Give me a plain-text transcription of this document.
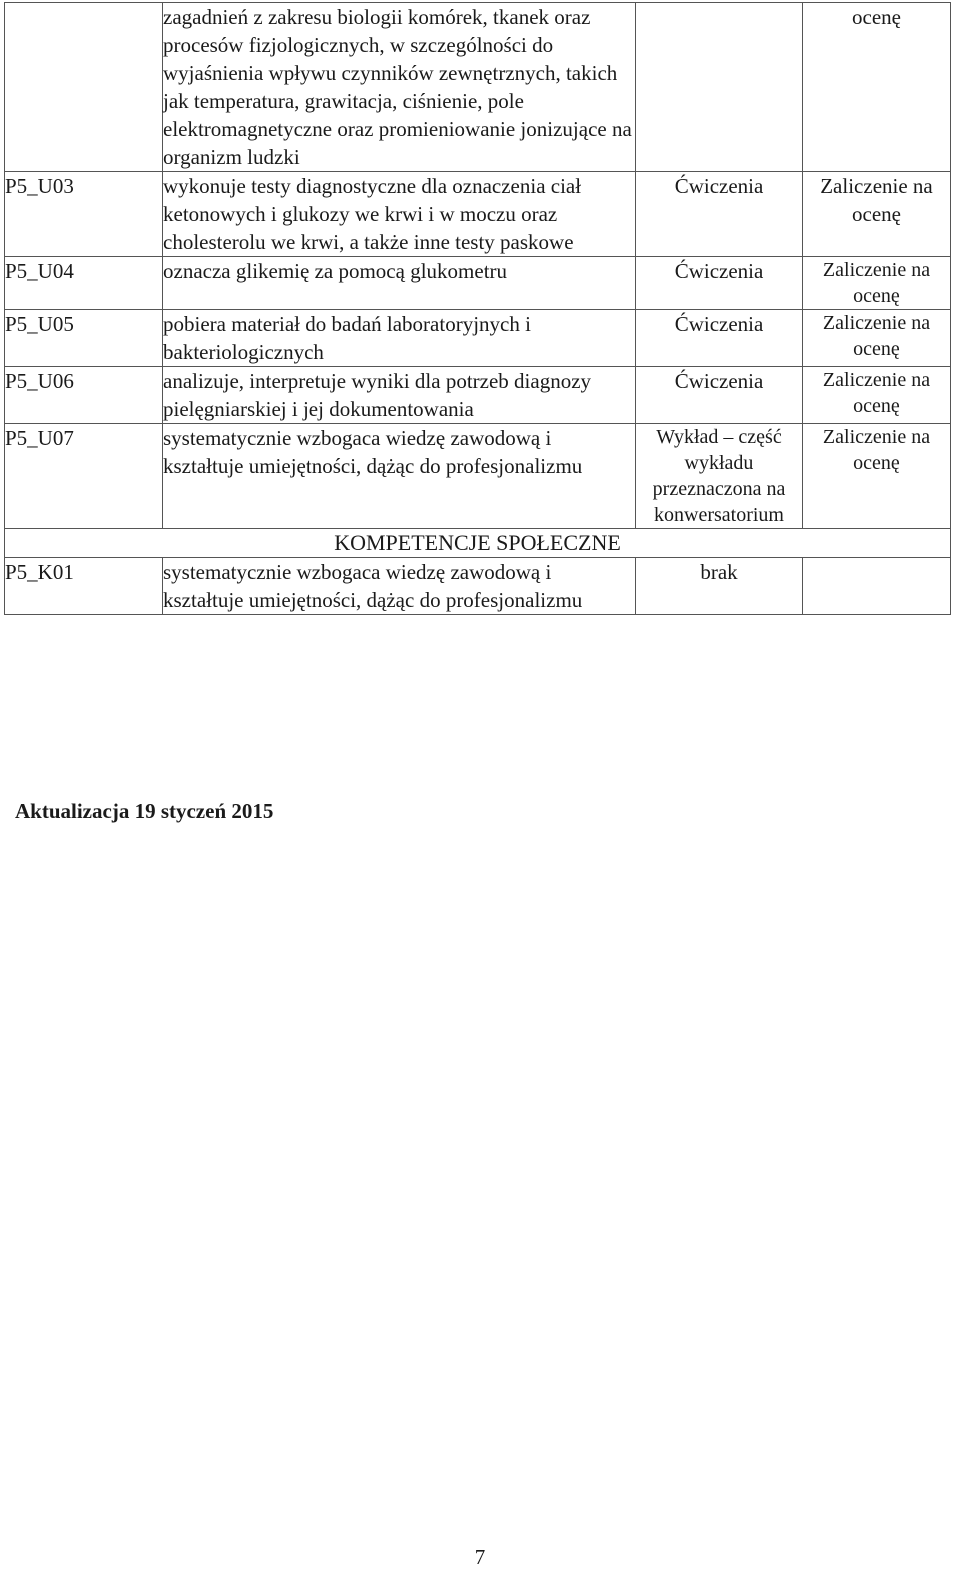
	zagadnień z zakresu biologii komórek, tkanek oraz procesów fizjologicznych, w szczególności do wyjaśnienia wpływu czynników zewnętrznych, takich jak temperatura, grawitacja, ciśnienie, pole elektromagnetyczne oraz promieniowanie jonizujące na organizm ludzki		ocenę
P5_U03	wykonuje testy diagnostyczne dla oznaczenia ciał ketonowych i glukozy we krwi i w moczu oraz cholesterolu we krwi, a także inne testy paskowe	Ćwiczenia	Zaliczenie na ocenę
P5_U04	oznacza glikemię za pomocą glukometru	Ćwiczenia	Zaliczenie na ocenę
P5_U05	pobiera materiał do badań laboratoryjnych i bakteriologicznych	Ćwiczenia	Zaliczenie na ocenę
P5_U06	analizuje, interpretuje wyniki dla potrzeb diagnozy pielęgniarskiej i jej dokumentowania	Ćwiczenia	Zaliczenie na ocenę
P5_U07	systematycznie wzbogaca wiedzę zawodową i kształtuje umiejętności, dążąc do profesjonalizmu	Wykład – część wykładu przeznaczona na konwersatorium	Zaliczenie na ocenę
KOMPETENCJE SPOŁECZNE			
P5_K01	systematycznie wzbogaca wiedzę zawodową i kształtuje umiejętności, dążąc do profesjonalizmu	brak	
Aktualizacja 19 styczeń 2015
7
